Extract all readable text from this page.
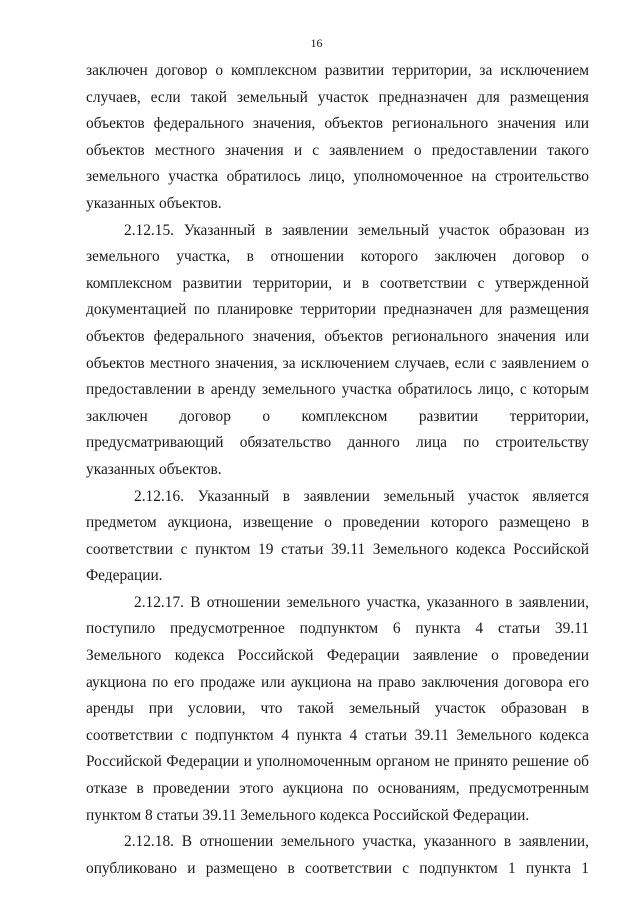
16

заключен договор о комплексном развитии территории, за исключением случаев, если такой земельный участок предназначен для размещения объектов федерального значения, объектов регионального значения или объектов местного значения и с заявлением о предоставлении такого земельного участка обратилось лицо, уполномоченное на строительство указанных объектов.

2.12.15. Указанный в заявлении земельный участок образован из земельного участка, в отношении которого заключен договор о комплексном развитии территории, и в соответствии с утвержденной документацией по планировке территории предназначен для размещения объектов федерального значения, объектов регионального значения или объектов местного значения, за исключением случаев, если с заявлением о предоставлении в аренду земельного участка обратилось лицо, с которым заключен договор о комплексном развитии территории, предусматривающий обязательство данного лица по строительству указанных объектов.

2.12.16. Указанный в заявлении земельный участок является предметом аукциона, извещение о проведении которого размещено в соответствии с пунктом 19 статьи 39.11 Земельного кодекса Российской Федерации.

2.12.17. В отношении земельного участка, указанного в заявлении, поступило предусмотренное подпунктом 6 пункта 4 статьи 39.11 Земельного кодекса Российской Федерации заявление о проведении аукциона по его продаже или аукциона на право заключения договора его аренды при условии, что такой земельный участок образован в соответствии с подпунктом 4 пункта 4 статьи 39.11 Земельного кодекса Российской Федерации и уполномоченным органом не принято решение об отказе в проведении этого аукциона по основаниям, предусмотренным пунктом 8 статьи 39.11 Земельного кодекса Российской Федерации.

2.12.18. В отношении земельного участка, указанного в заявлении, опубликовано и размещено в соответствии с подпунктом 1 пункта 1
